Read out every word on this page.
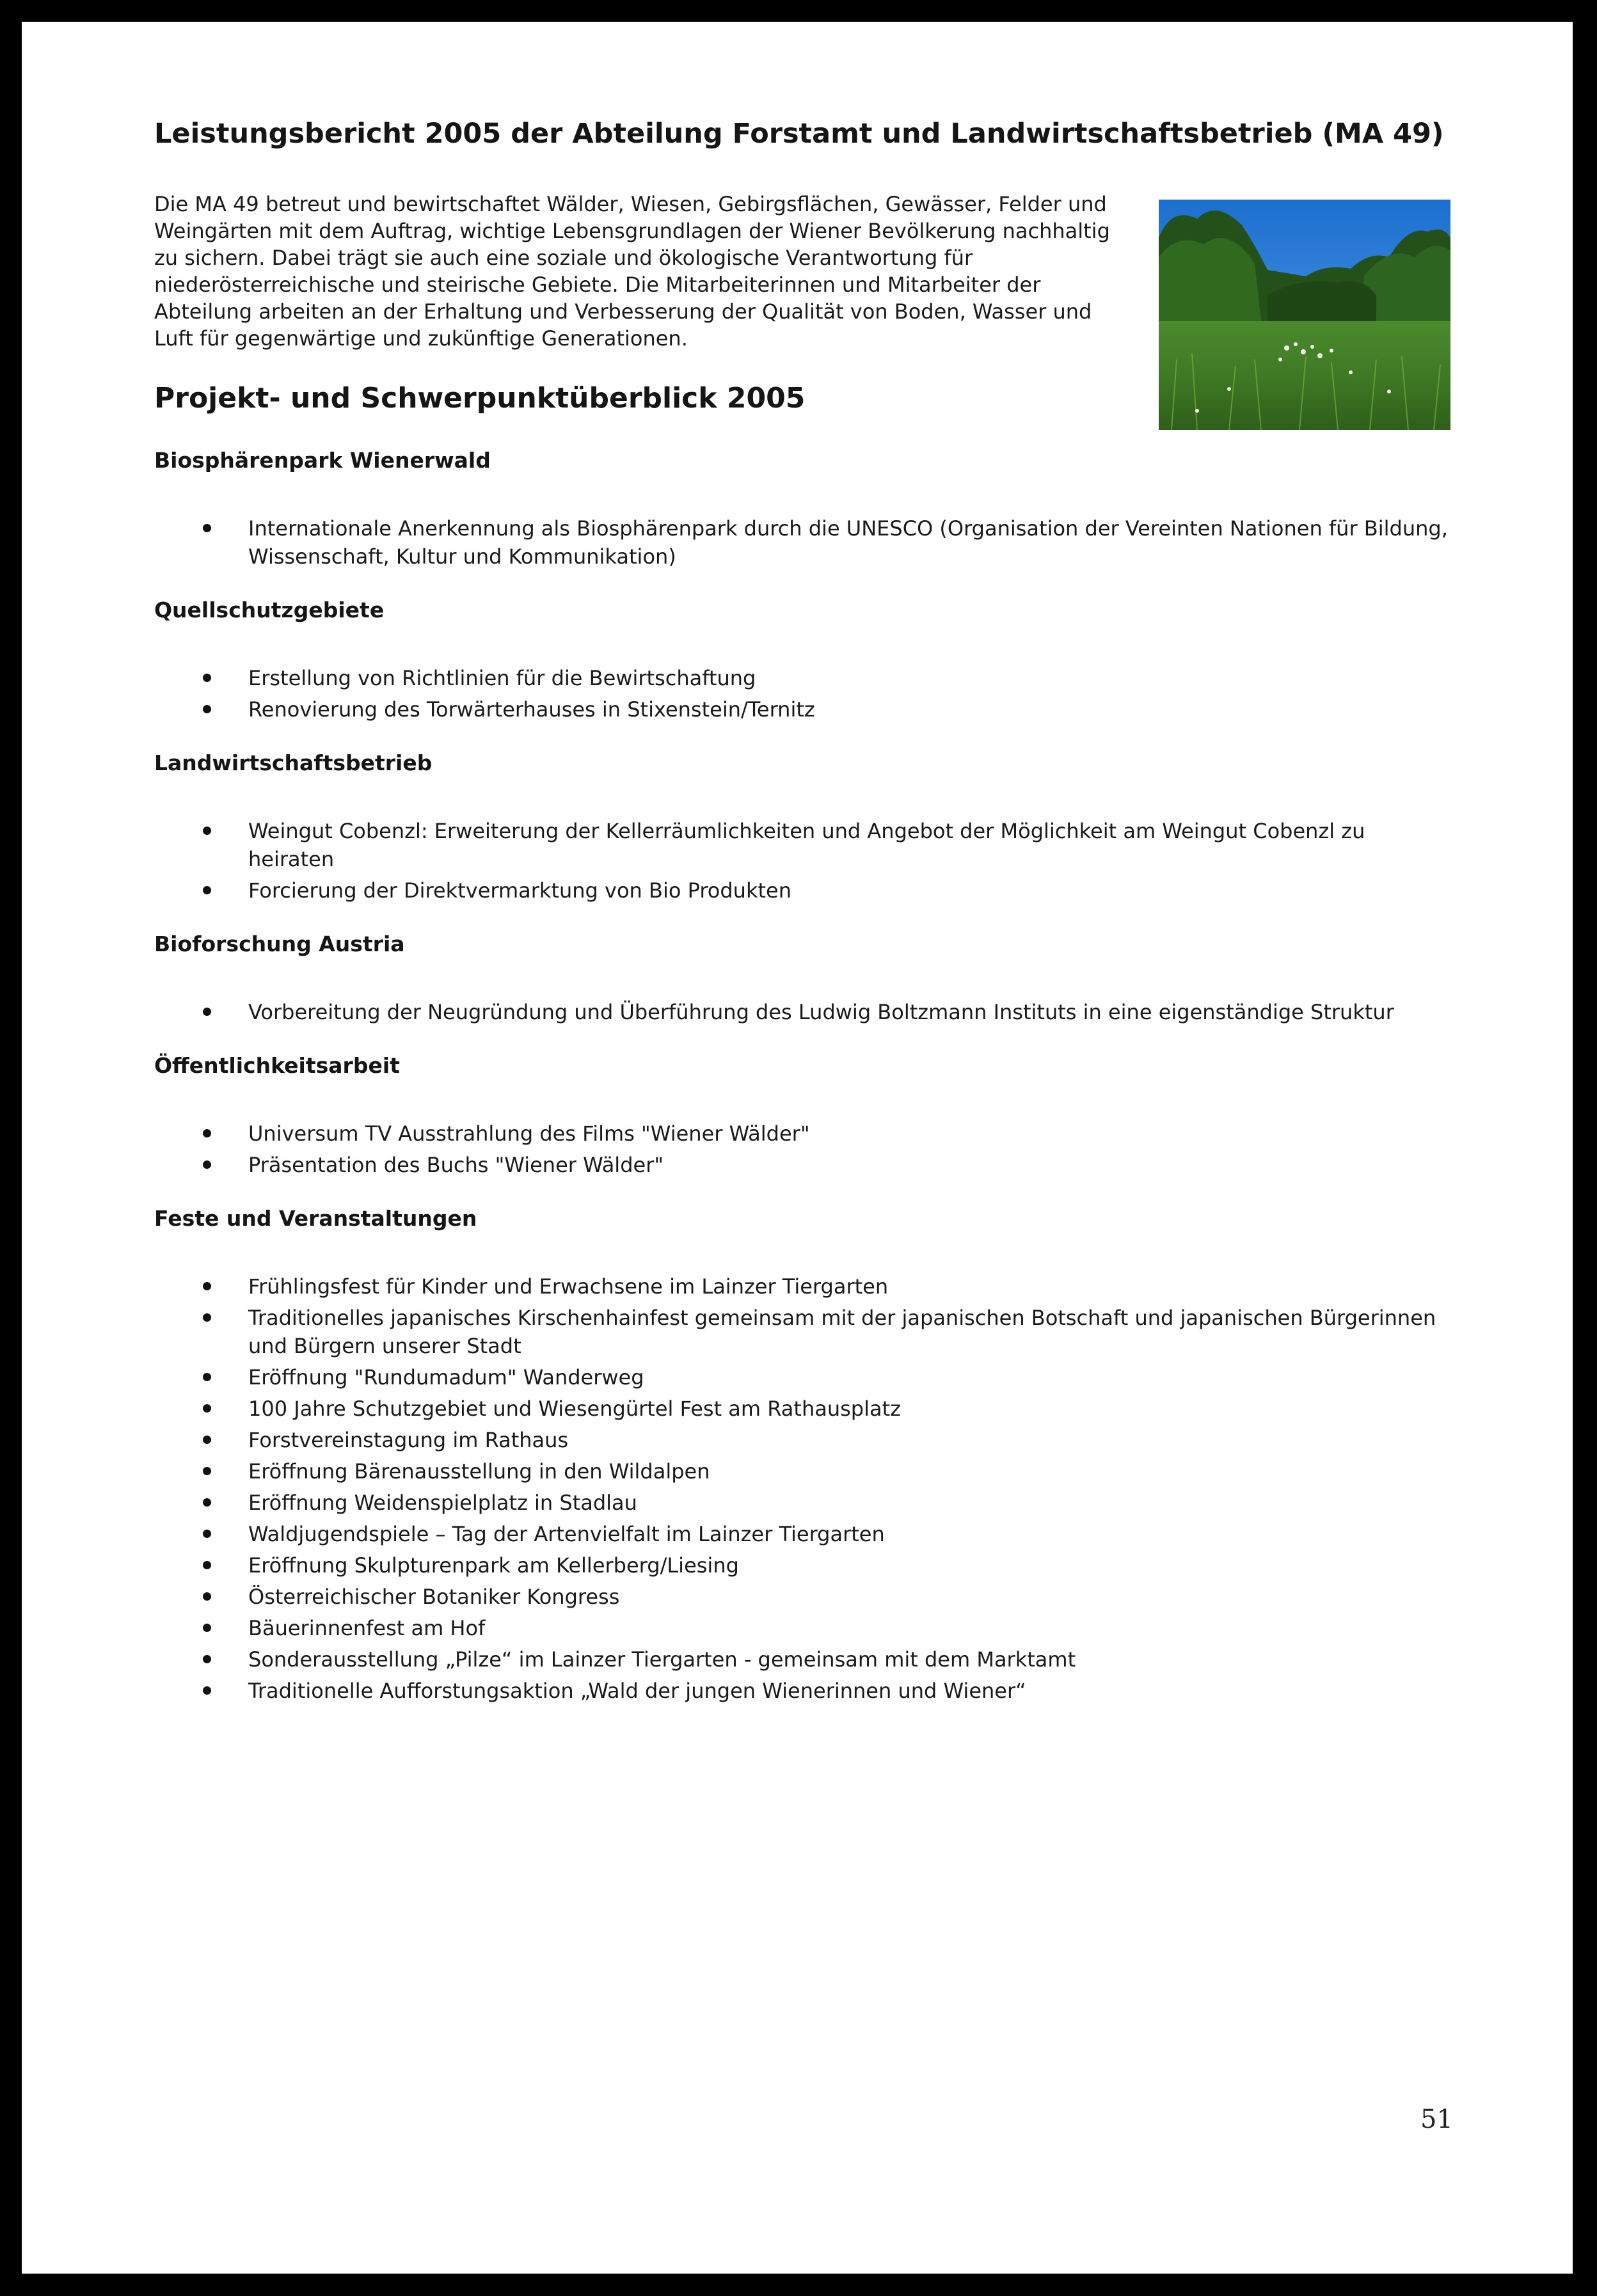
Leistungsbericht 2005 der Abteilung Forstamt und Landwirtschaftsbetrieb (MA 49)

Die MA 49 betreut und bewirtschaftet Wälder, Wiesen, Gebirgsflächen, Gewässer, Felder und Weingärten mit dem Auftrag, wichtige Lebensgrundlagen der Wiener Bevölkerung nachhaltig zu sichern. Dabei trägt sie auch eine soziale und ökologische Verantwortung für niederösterreichische und steirische Gebiete. Die Mitarbeiterinnen und Mitarbeiter der Abteilung arbeiten an der Erhaltung und Verbesserung der Qualität von Boden, Wasser und Luft für gegenwärtige und zukünftige Generationen.

Projekt- und Schwerpunktüberblick 2005
Biosphärenpark Wienerwald
Internationale Anerkennung als Biosphärenpark durch die UNESCO (Organisation der Vereinten Nationen für Bildung, Wissenschaft, Kultur und Kommunikation)
Quellschutzgebiete
Erstellung von Richtlinien für die Bewirtschaftung
Renovierung des Torwärterhauses in Stixenstein/Ternitz
Landwirtschaftsbetrieb
Weingut Cobenzl: Erweiterung der Kellerräumlichkeiten und Angebot der Möglichkeit am Weingut Cobenzl zu heiraten
Forcierung der Direktvermarktung von Bio Produkten
Bioforschung Austria
Vorbereitung der Neugründung und Überführung des Ludwig Boltzmann Instituts in eine eigenständige Struktur
Öffentlichkeitsarbeit
Universum TV Ausstrahlung des Films "Wiener Wälder"
Präsentation des Buchs "Wiener Wälder"
Feste und Veranstaltungen
Frühlingsfest für Kinder und Erwachsene im Lainzer Tiergarten
Traditionelles japanisches Kirschenhainfest gemeinsam mit der japanischen Botschaft und japanischen Bürgerinnen und Bürgern unserer Stadt
Eröffnung "Rundumadum" Wanderweg
100 Jahre Schutzgebiet und Wiesengürtel Fest am Rathausplatz
Forstvereinstagung im Rathaus
Eröffnung Bärenausstellung in den Wildalpen
Eröffnung Weidenspielplatz in Stadlau
Waldjugendspiele – Tag der Artenvielfalt im Lainzer Tiergarten
Eröffnung Skulpturenpark am Kellerberg/Liesing
Österreichischer Botaniker Kongress
Bäuerinnenfest am Hof
Sonderausstellung „Pilze“ im Lainzer Tiergarten - gemeinsam mit dem Marktamt
Traditionelle Aufforstungsaktion „Wald der jungen Wienerinnen und Wiener“
51
